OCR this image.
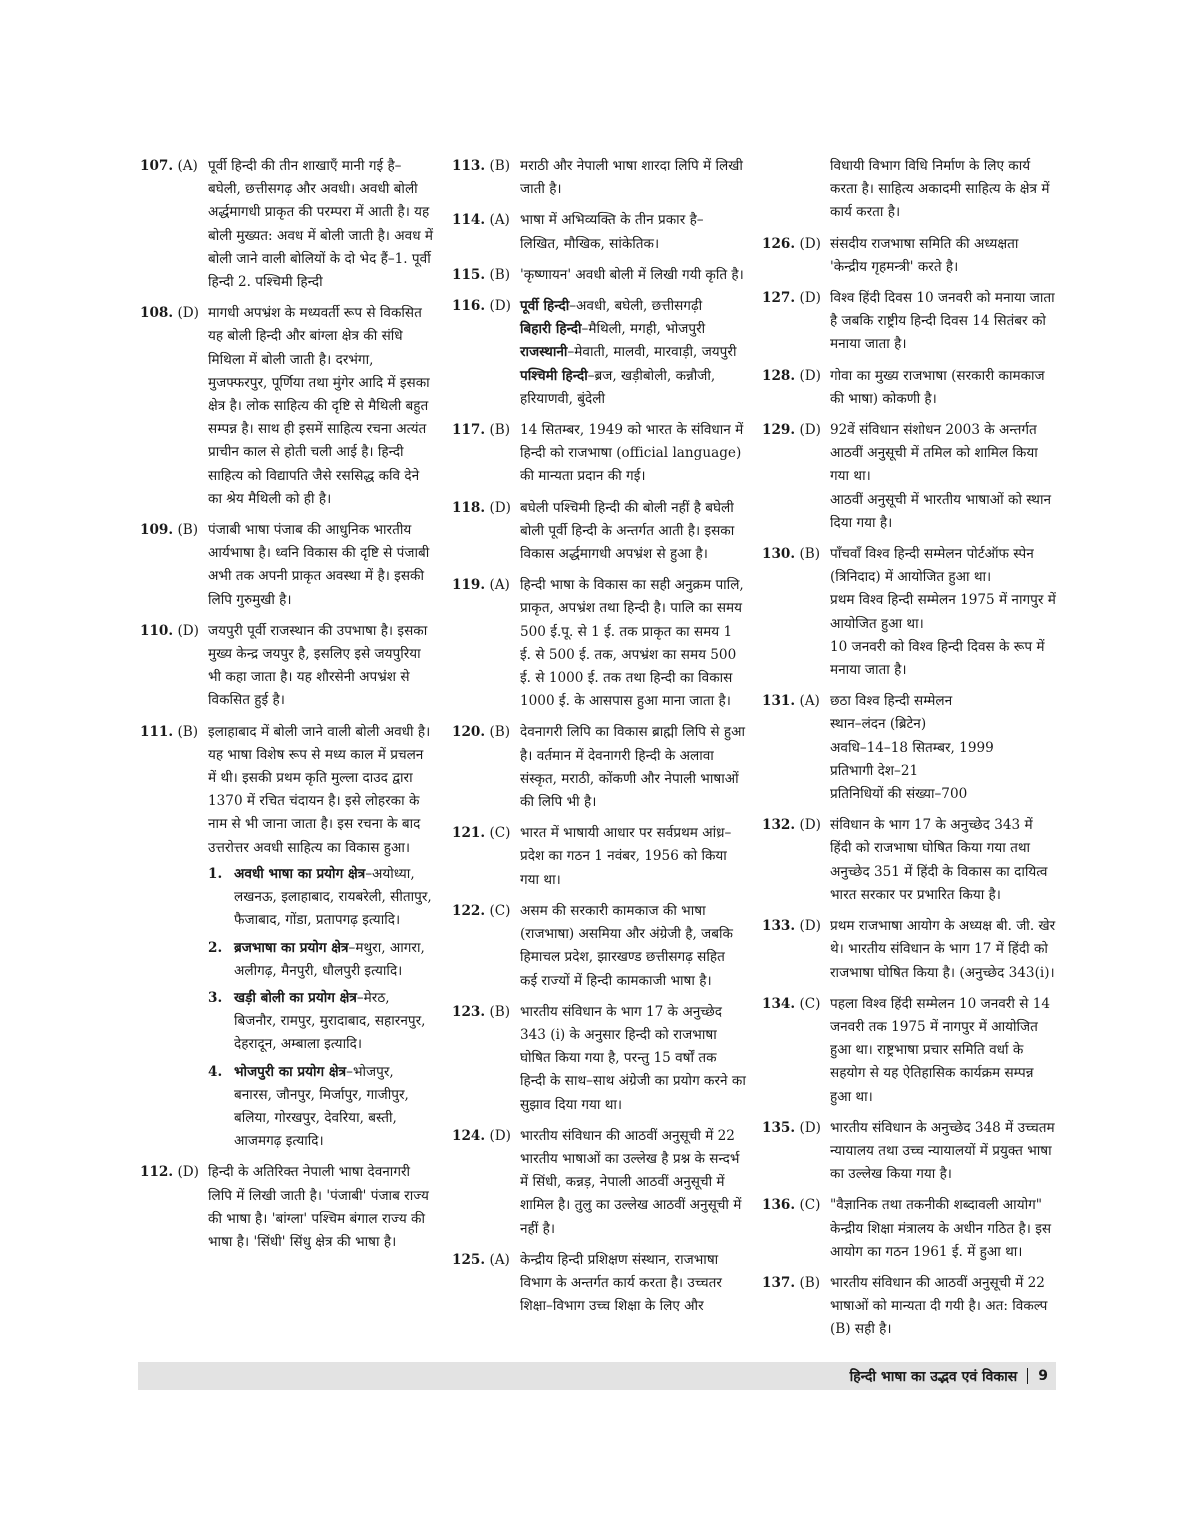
107. (A) पूर्वी हिन्दी की तीन शाखाएँ मानी गई है– बघेली, छत्तीसगढ़ और अवधी। अवधी बोली अर्द्धमागधी प्राकृत की परम्परा में आती है। यह बोली मुख्यत: अवध में बोली जाती है। अवध में बोली जाने वाली बोलियों के दो भेद हैं–1. पूर्वी हिन्दी 2. पश्चिमी हिन्दी

108. (D) मागधी अपभ्रंश के मध्यवर्ती रूप से विकसित यह बोली हिन्दी और बांग्ला क्षेत्र की संधि मिथिला में बोली जाती है। दरभंगा, मुजफ्फरपुर, पूर्णिया तथा मुंगेर आदि में इसका क्षेत्र है। लोक साहित्य की दृष्टि से मैथिली बहुत सम्पन्न है। साथ ही इसमें साहित्य रचना अत्यंत प्राचीन काल से होती चली आई है। हिन्दी साहित्य को विद्यापति जैसे रससिद्ध कवि देने का श्रेय मैथिली को ही है।

109. (B) पंजाबी भाषा पंजाब की आधुनिक भारतीय आर्यभाषा है। ध्वनि विकास की दृष्टि से पंजाबी अभी तक अपनी प्राकृत अवस्था में है। इसकी लिपि गुरुमुखी है।

110. (D) जयपुरी पूर्वी राजस्थान की उपभाषा है। इसका मुख्य केन्द्र जयपुर है, इसलिए इसे जयपुरिया भी कहा जाता है। यह शौरसेनी अपभ्रंश से विकसित हुई है।

111. (B) इलाहाबाद में बोली जाने वाली बोली अवधी है। यह भाषा विशेष रूप से मध्य काल में प्रचलन में थी। इसकी प्रथम कृति मुल्ला दाउद द्वारा 1370 में रचित चंदायन है। इसे लोहरका के नाम से भी जाना जाता है। इस रचना के बाद उत्तरोत्तर अवधी साहित्य का विकास हुआ।

1. अवधी भाषा का प्रयोग क्षेत्र–अयोध्या, लखनऊ, इलाहाबाद, रायबरेली, सीतापुर, फैजाबाद, गोंडा, प्रतापगढ़ इत्यादि।
2. ब्रजभाषा का प्रयोग क्षेत्र–मथुरा, आगरा, अलीगढ़, मैनपुरी, धौलपुरी इत्यादि।
3. खड़ी बोली का प्रयोग क्षेत्र–मेरठ, बिजनौर, रामपुर, मुरादाबाद, सहारनपुर, देहरादून, अम्बाला इत्यादि।
4. भोजपुरी का प्रयोग क्षेत्र–भोजपुर, बनारस, जौनपुर, मिर्जापुर, गाजीपुर, बलिया, गोरखपुर, देवरिया, बस्ती, आजमगढ़ इत्यादि।
112. (D) हिन्दी के अतिरिक्त नेपाली भाषा देवनागरी लिपि में लिखी जाती है। 'पंजाबी' पंजाब राज्य की भाषा है। 'बांग्ला' पश्चिम बंगाल राज्य की भाषा है। 'सिंधी' सिंधु क्षेत्र की भाषा है।

113. (B) मराठी और नेपाली भाषा शारदा लिपि में लिखी जाती है।

114. (A) भाषा में अभिव्यक्ति के तीन प्रकार है– लिखित, मौखिक, सांकेतिक।

115. (B) 'कृष्णायन' अवधी बोली में लिखी गयी कृति है।

116. (D) पूर्वी हिन्दी–अवधी, बघेली, छत्तीसगढ़ी

बिहारी हिन्दी–मैथिली, मगही, भोजपुरी

राजस्थानी–मेवाती, मालवी, मारवाड़ी, जयपुरी

पश्चिमी हिन्दी–ब्रज, खड़ीबोली, कन्नौजी, हरियाणवी, बुंदेली

117. (B) 14 सितम्बर, 1949 को भारत के संविधान में हिन्दी को राजभाषा (official language) की मान्यता प्रदान की गई।

118. (D) बघेली पश्चिमी हिन्दी की बोली नहीं है बघेली बोली पूर्वी हिन्दी के अन्तर्गत आती है। इसका विकास अर्द्धमागधी अपभ्रंश से हुआ है।

119. (A) हिन्दी भाषा के विकास का सही अनुक्रम पालि, प्राकृत, अपभ्रंश तथा हिन्दी है। पालि का समय 500 ई.पू. से 1 ई. तक प्राकृत का समय 1 ई. से 500 ई. तक, अपभ्रंश का समय 500 ई. से 1000 ई. तक तथा हिन्दी का विकास 1000 ई. के आसपास हुआ माना जाता है।

120. (B) देवनागरी लिपि का विकास ब्राह्मी लिपि से हुआ है। वर्तमान में देवनागरी हिन्दी के अलावा संस्कृत, मराठी, कोंकणी और नेपाली भाषाओं की लिपि भी है।

121. (C) भारत में भाषायी आधार पर सर्वप्रथम आंध्र–प्रदेश का गठन 1 नवंबर, 1956 को किया गया था।

122. (C) असम की सरकारी कामकाज की भाषा (राजभाषा) असमिया और अंग्रेजी है, जबकि हिमाचल प्रदेश, झारखण्ड छत्तीसगढ़ सहित कई राज्यों में हिन्दी कामकाजी भाषा है।

123. (B) भारतीय संविधान के भाग 17 के अनुच्छेद 343 (i) के अनुसार हिन्दी को राजभाषा घोषित किया गया है, परन्तु 15 वर्षों तक हिन्दी के साथ–साथ अंग्रेजी का प्रयोग करने का सुझाव दिया गया था।

124. (D) भारतीय संविधान की आठवीं अनुसूची में 22 भारतीय भाषाओं का उल्लेख है प्रश्न के सन्दर्भ में सिंधी, कन्नड़, नेपाली आठवीं अनुसूची में शामिल है। तुलु का उल्लेख आठवीं अनुसूची में नहीं है।

125. (A) केन्द्रीय हिन्दी प्रशिक्षण संस्थान, राजभाषा विभाग के अन्तर्गत कार्य करता है। उच्चतर शिक्षा–विभाग उच्च शिक्षा के लिए और

विधायी विभाग विधि निर्माण के लिए कार्य करता है। साहित्य अकादमी साहित्य के क्षेत्र में कार्य करता है।

126. (D) संसदीय राजभाषा समिति की अध्यक्षता 'केन्द्रीय गृहमन्त्री' करते है।

127. (D) विश्व हिंदी दिवस 10 जनवरी को मनाया जाता है जबकि राष्ट्रीय हिन्दी दिवस 14 सितंबर को मनाया जाता है।

128. (D) गोवा का मुख्य राजभाषा (सरकारी कामकाज की भाषा) कोकणी है।

129. (D) 92वें संविधान संशोधन 2003 के अन्तर्गत आठवीं अनुसूची में तमिल को शामिल किया गया था।

आठवीं अनुसूची में भारतीय भाषाओं को स्थान दिया गया है।

130. (B) पाँचवाँ विश्व हिन्दी सम्मेलन पोर्टऑफ स्पेन (त्रिनिदाद) में आयोजित हुआ था।

प्रथम विश्व हिन्दी सम्मेलन 1975 में नागपुर में आयोजित हुआ था।

10 जनवरी को विश्व हिन्दी दिवस के रूप में मनाया जाता है।

131. (A) छठा विश्व हिन्दी सम्मेलन

स्थान–लंदन (ब्रिटेन)

अवधि–14–18 सितम्बर, 1999

प्रतिभागी देश–21

प्रतिनिधियों की संख्या–700

132. (D) संविधान के भाग 17 के अनुच्छेद 343 में हिंदी को राजभाषा घोषित किया गया तथा अनुच्छेद 351 में हिंदी के विकास का दायित्व भारत सरकार पर प्रभारित किया है।

133. (D) प्रथम राजभाषा आयोग के अध्यक्ष बी. जी. खेर थे। भारतीय संविधान के भाग 17 में हिंदी को राजभाषा घोषित किया है। (अनुच्छेद 343(i)।

134. (C) पहला विश्व हिंदी सम्मेलन 10 जनवरी से 14 जनवरी तक 1975 में नागपुर में आयोजित हुआ था। राष्ट्रभाषा प्रचार समिति वर्धा के सहयोग से यह ऐतिहासिक कार्यक्रम सम्पन्न हुआ था।

135. (D) भारतीय संविधान के अनुच्छेद 348 में उच्चतम न्यायालय तथा उच्च न्यायालयों में प्रयुक्त भाषा का उल्लेख किया गया है।

136. (C) "वैज्ञानिक तथा तकनीकी शब्दावली आयोग" केन्द्रीय शिक्षा मंत्रालय के अधीन गठित है। इस आयोग का गठन 1961 ई. में हुआ था।

137. (B) भारतीय संविधान की आठवीं अनुसूची में 22 भाषाओं को मान्यता दी गयी है। अत: विकल्प (B) सही है।

हिन्दी भाषा का उद्भव एवं विकास	9
